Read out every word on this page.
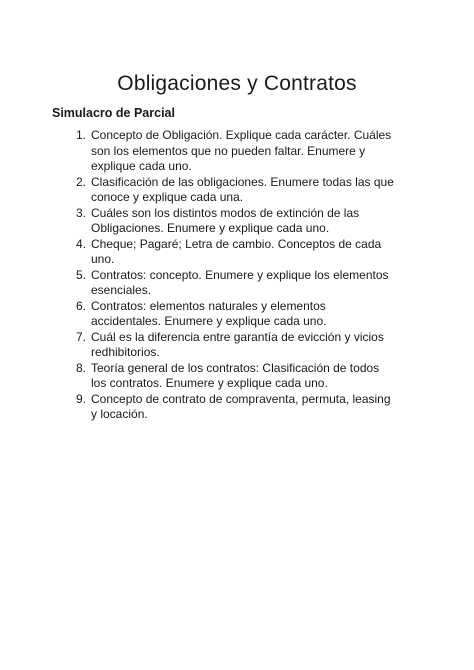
Obligaciones y Contratos
Simulacro de Parcial
1. Concepto de Obligación. Explique cada carácter. Cuáles son los elementos que no pueden faltar. Enumere y explique cada uno.
2. Clasificación de las obligaciones. Enumere todas las que conoce y explique cada una.
3. Cuáles son los distintos modos de extinción de las Obligaciones. Enumere y explique cada uno.
4. Cheque; Pagaré; Letra de cambio. Conceptos de cada uno.
5. Contratos: concepto. Enumere y explique los elementos esenciales.
6. Contratos: elementos naturales y elementos accidentales. Enumere y explique cada uno.
7. Cuál es la diferencia entre garantía de evicción y vicios redhibitorios.
8. Teoría general de los contratos: Clasificación de todos los contratos. Enumere y explique cada uno.
9. Concepto de contrato de compraventa, permuta, leasing y locación.
